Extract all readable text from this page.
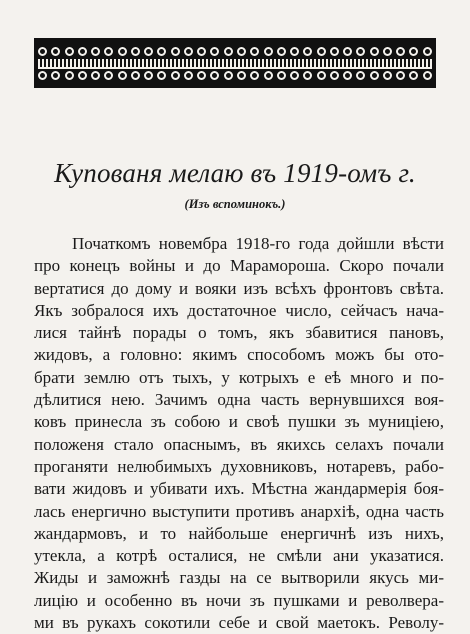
Купованя мелаю въ 1919-омъ г.
(Изъ вспоминокъ.)
Початкомъ новембра 1918-го года дойшли вѣсти
про конецъ войны и до Марамороша. Скоро почали
вертатися до дому и вояки изъ всѣхъ фронтовъ свѣта.
Якъ зобралося ихъ достаточное число, сейчасъ нача-
лися тайнѣ порады о томъ, якъ збавитися пановъ,
жидовъ, а головно: якимъ способомъ можъ бы ото-
брати землю отъ тыхъ, у котрыхъ е еѣ много и по-
дѣлитися нею. Зачимъ одна часть вернувшихся воя-
ковъ принесла зъ собою и своѣ пушки зъ муницiею,
положеня стало опаснымъ, въ якихсь селахъ почали
проганяти нелюбимыхъ духовниковъ, нотаревъ, рабо-
вати жидовъ и убивати ихъ. Мѣстна жандармерiя боя-
лась енергично выступити противъ анархiѣ, одна часть
жандармовъ, и то найбольше енергичнѣ изъ нихъ,
утекла, а котрѣ осталися, не смѣли ани указатися.
Жиды и заможнѣ газды на се вытворили якусь ми-
лицiю и особенно въ ночи зъ пушками и револвера-
ми въ рукахъ сокотили себе и свой маетокъ. Револу-
